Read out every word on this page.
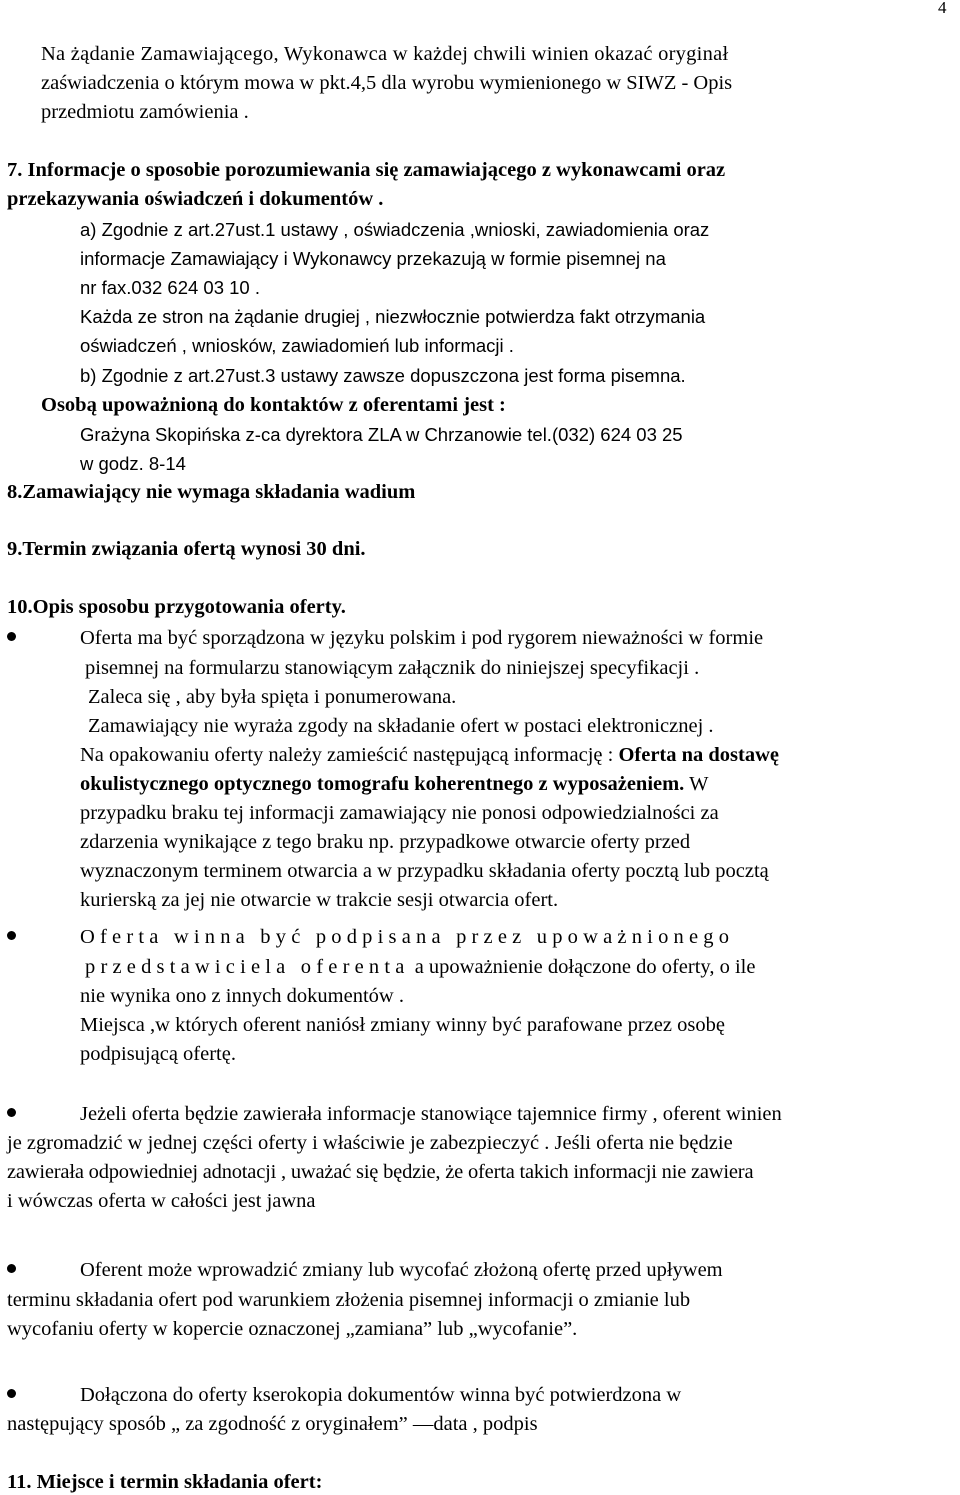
4
Na żądanie Zamawiającego, Wykonawca w każdej chwili winien okazać oryginał
zaświadczenia o którym mowa w pkt.4,5 dla wyrobu wymienionego w SIWZ - Opis
przedmiotu zamówienia .
7. Informacje o sposobie porozumiewania się zamawiającego z wykonawcami oraz
przekazywania oświadczeń i dokumentów .
a) Zgodnie z art.27ust.1 ustawy , oświadczenia ,wnioski, zawiadomienia oraz
informacje Zamawiający i Wykonawcy przekazują w formie pisemnej na
nr fax.032 624 03 10 .
Każda ze stron na żądanie drugiej , niezwłocznie potwierdza fakt otrzymania
oświadczeń , wniosków, zawiadomień lub informacji .
b) Zgodnie z art.27ust.3 ustawy zawsze dopuszczona jest forma pisemna.
Osobą upoważnioną do kontaktów z oferentami jest :
Grażyna Skopińska z-ca dyrektora ZLA w Chrzanowie tel.(032) 624 03 25
w godz. 8-14
8.Zamawiający nie wymaga składania wadium
9.Termin związania ofertą wynosi 30 dni.
10.Opis sposobu przygotowania oferty.
Oferta ma być sporządzona w języku polskim i pod rygorem nieważności w formie
pisemnej na formularzu stanowiącym załącznik do niniejszej specyfikacji .
Zaleca się , aby była spięta i ponumerowana.
Zamawiający nie wyraża zgody na składanie ofert w postaci elektronicznej .
Na opakowaniu oferty należy zamieścić następującą informację : Oferta na dostawę
okulistycznego optycznego tomografu koherentnego z wyposażeniem. W
przypadku braku tej informacji zamawiający nie ponosi odpowiedzialności za
zdarzenia wynikające z tego braku np. przypadkowe otwarcie oferty przed
wyznaczonym terminem otwarcia a w przypadku składania oferty pocztą lub pocztą
kurierską za jej nie otwarcie w trakcie sesji otwarcia ofert.
Oferta winna być podpisana przez upoważnionego
przedstawiciela oferenta a upoważnienie dołączone do oferty, o ile
nie wynika ono z innych dokumentów .
Miejsca ,w których oferent naniósł zmiany winny być parafowane przez osobę
podpisującą ofertę.
Jeżeli oferta będzie zawierała informacje stanowiące tajemnice firmy , oferent winien
je zgromadzić w jednej części oferty i właściwie je zabezpieczyć . Jeśli oferta nie będzie
zawierała odpowiedniej adnotacji , uważać się będzie, że oferta takich informacji nie zawiera
i wówczas oferta w całości jest jawna
Oferent może wprowadzić zmiany lub wycofać złożoną ofertę przed upływem
terminu składania ofert pod warunkiem złożenia pisemnej informacji o zmianie lub
wycofaniu oferty w kopercie oznaczonej „zamiana” lub „wycofanie”.
Dołączona do oferty kserokopia dokumentów winna być potwierdzona w
następujący sposób „ za zgodność z oryginałem” —data , podpis
11. Miejsce i termin składania ofert:
